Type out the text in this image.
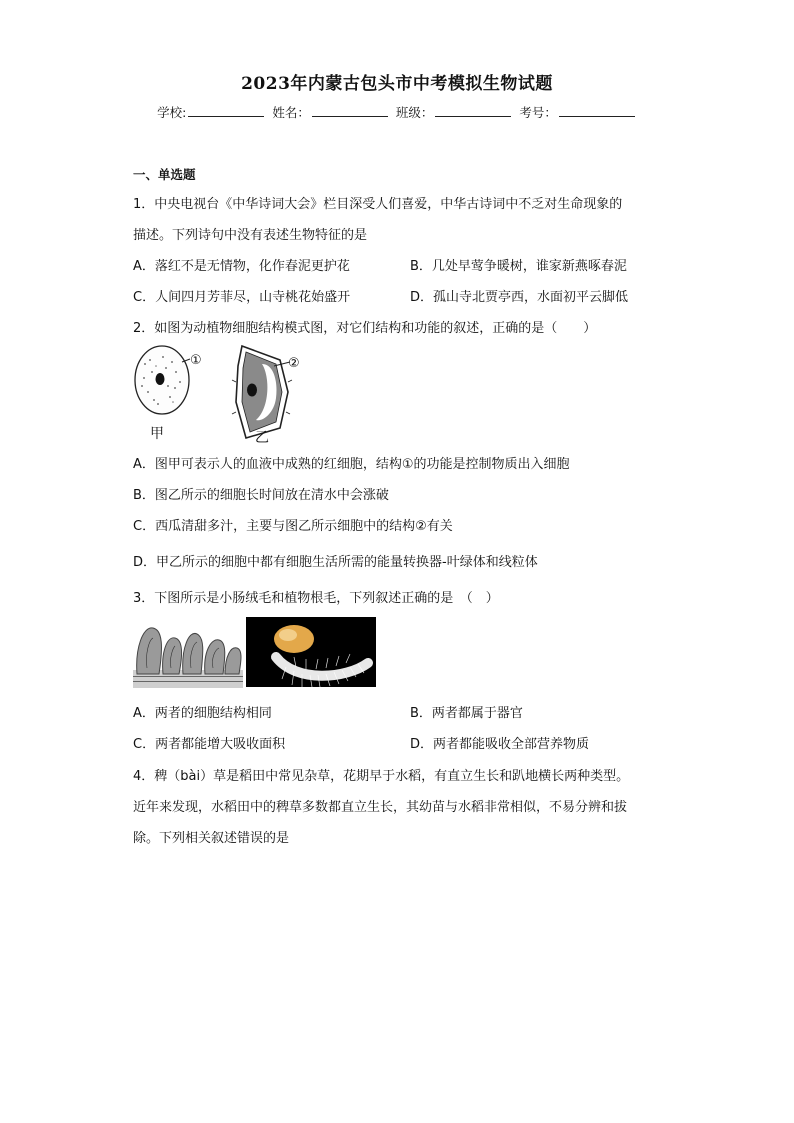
2023年内蒙古包头市中考模拟生物试题
学校:	姓名：	班级：	考号：
一、单选题
1．中央电视台《中华诗词大会》栏目深受人们喜爱，中华古诗词中不乏对生命现象的
描述。下列诗句中没有表述生物特征的是
A．落红不是无情物，化作春泥更护花	B．几处早莺争暖树，谁家新燕啄春泥
C．人间四月芳菲尽，山寺桃花始盛开	D．孤山寺北贾亭西，水面初平云脚低
2．如图为动植物细胞结构模式图，对它们结构和功能的叙述，正确的是（　　）
①	②
甲	乙
A．图甲可表示人的血液中成熟的红细胞，结构①的功能是控制物质出入细胞
B．图乙所示的细胞长时间放在清水中会涨破
C．西瓜清甜多汁，主要与图乙所示细胞中的结构②有关
D．甲乙所示的细胞中都有细胞生活所需的能量转换器-叶绿体和线粒体
3．下图所示是小肠绒毛和植物根毛，下列叙述正确的是　（　）
A．两者的细胞结构相同	B．两者都属于器官
C．两者都能增大吸收面积	D．两者都能吸收全部营养物质
4．稗（bài）草是稻田中常见杂草，花期早于水稻，有直立生长和趴地横长两种类型。
近年来发现，水稻田中的稗草多数都直立生长，其幼苗与水稻非常相似，不易分辨和拔
除。下列相关叙述错误的是
